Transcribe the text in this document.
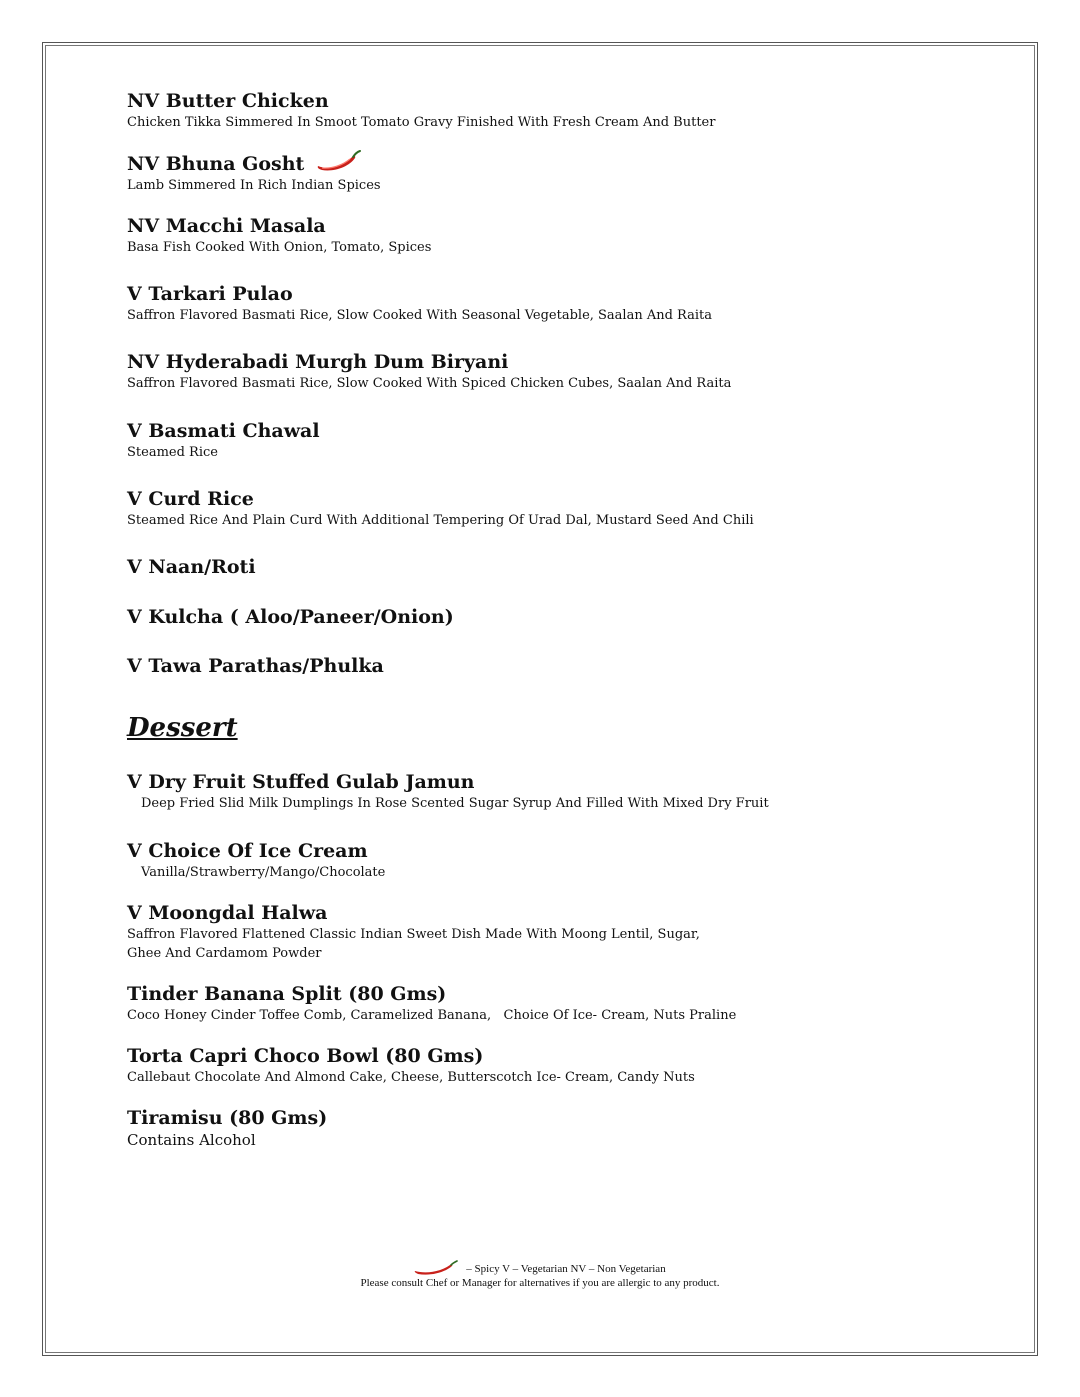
NV Butter Chicken
Chicken Tikka Simmered In Smoot Tomato Gravy Finished With Fresh Cream And Butter
NV Bhuna Gosht
Lamb Simmered In Rich Indian Spices
NV Macchi Masala
Basa Fish Cooked With Onion, Tomato, Spices
V Tarkari Pulao
Saffron Flavored Basmati Rice, Slow Cooked With Seasonal Vegetable, Saalan And Raita
NV Hyderabadi Murgh Dum Biryani
Saffron Flavored Basmati Rice, Slow Cooked With Spiced Chicken Cubes, Saalan And Raita
V Basmati Chawal
Steamed Rice
V Curd Rice
Steamed Rice And Plain Curd With Additional Tempering Of Urad Dal, Mustard Seed And Chili
V Naan/Roti
V Kulcha ( Aloo/Paneer/Onion)
V Tawa Parathas/Phulka
Dessert
V Dry Fruit Stuffed Gulab Jamun
Deep Fried Slid Milk Dumplings In Rose Scented Sugar Syrup And Filled With Mixed Dry Fruit
V Choice Of Ice Cream
Vanilla/Strawberry/Mango/Chocolate
V Moongdal Halwa
Saffron Flavored Flattened Classic Indian Sweet Dish Made With Moong Lentil, Sugar,
Ghee And Cardamom Powder
Tinder Banana Split (80 Gms)
Coco Honey Cinder Toffee Comb, Caramelized Banana,   Choice Of Ice- Cream, Nuts Praline
Torta Capri Choco Bowl (80 Gms)
Callebaut Chocolate And Almond Cake, Cheese, Butterscotch Ice- Cream, Candy Nuts
Tiramisu (80 Gms)
Contains Alcohol
– Spicy V – Vegetarian NV – Non Vegetarian
Please consult Chef or Manager for alternatives if you are allergic to any product.
